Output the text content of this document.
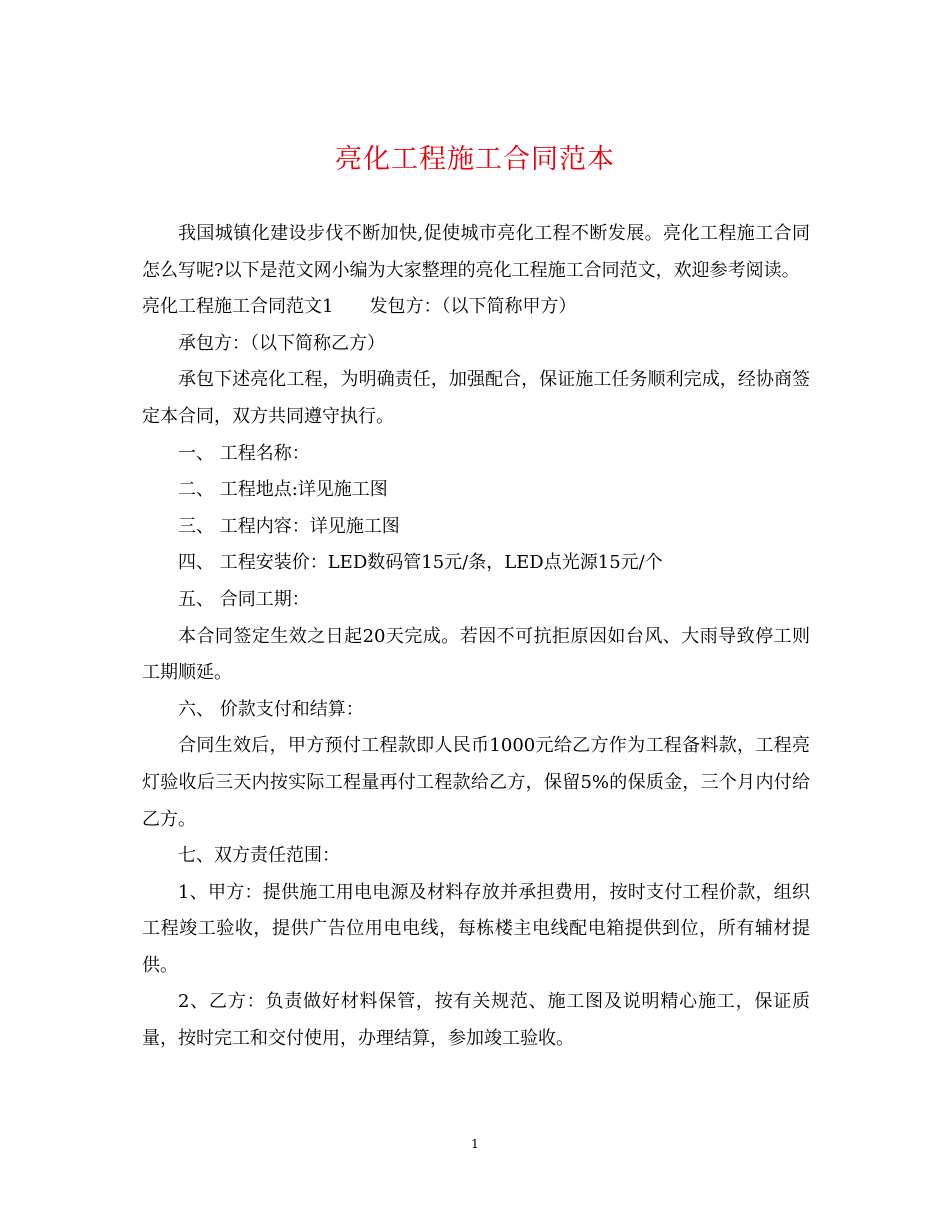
亮化工程施工合同范本

我国城镇化建设步伐不断加快,促使城市亮化工程不断发展。亮化工程施工合同怎么写呢?以下是范文网小编为大家整理的亮化工程施工合同范文，欢迎参考阅读。

亮化工程施工合同范文1 发包方：（以下简称甲方）

承包方：（以下简称乙方）

承包下述亮化工程，为明确责任，加强配合，保证施工任务顺利完成，经协商签定本合同，双方共同遵守执行。

一、 工程名称：

二、 工程地点:详见施工图

三、 工程内容：详见施工图

四、 工程安装价：LED数码管15元/条，LED点光源15元/个

五、 合同工期：

本合同签定生效之日起20天完成。若因不可抗拒原因如台风、大雨导致停工则工期顺延。

六、 价款支付和结算：

合同生效后，甲方预付工程款即人民币1000元给乙方作为工程备料款，工程亮灯验收后三天内按实际工程量再付工程款给乙方，保留5%的保质金，三个月内付给乙方。

七、双方责任范围：

1、甲方：提供施工用电电源及材料存放并承担费用，按时支付工程价款，组织工程竣工验收，提供广告位用电电线，每栋楼主电线配电箱提供到位，所有辅材提供。

2、乙方：负责做好材料保管，按有关规范、施工图及说明精心施工，保证质量，按时完工和交付使用，办理结算，参加竣工验收。

1
